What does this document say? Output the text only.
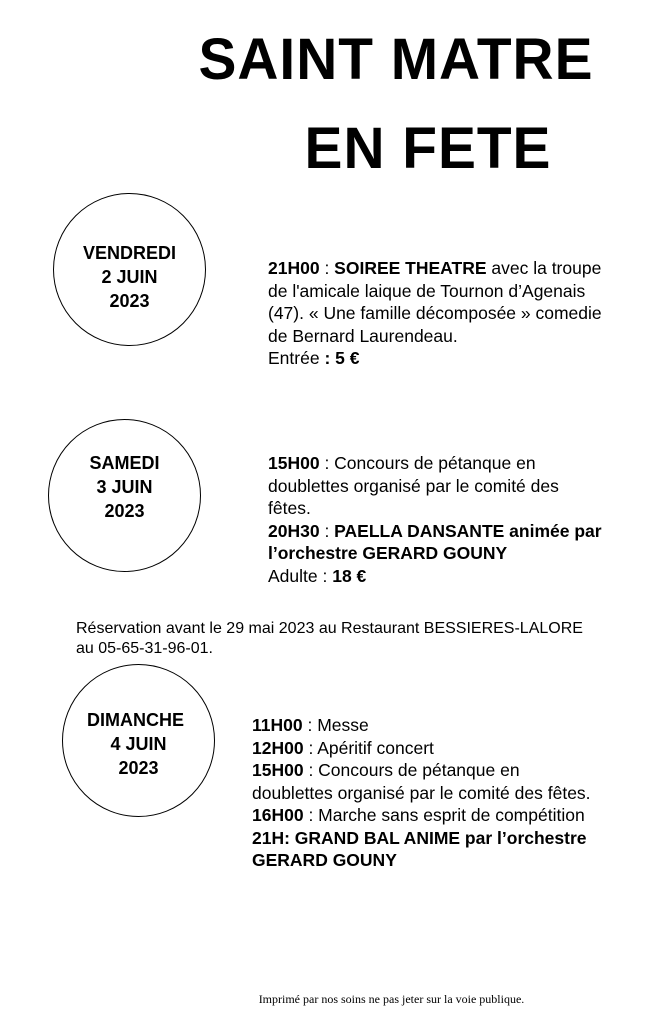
SAINT MATRE
EN FETE
VENDREDI
2 JUIN
2023

21H00 : SOIREE THEATRE avec la troupe

de l'amicale laique de Tournon d’Agenais

(47). « Une famille décomposée » comedie

de Bernard Laurendeau.

Entrée : 5 €

SAMEDI
3 JUIN
2023

15H00 : Concours de pétanque en

doublettes organisé par le comité des

fêtes.

20H30 : PAELLA DANSANTE animée par

l’orchestre GERARD GOUNY

Adulte : 18 €

Réservation avant le 29 mai 2023 au Restaurant BESSIERES-LALORE
au 05-65-31-96-01.
DIMANCHE
4 JUIN
2023

11H00 : Messe

12H00 : Apéritif concert

15H00 : Concours de pétanque en

doublettes organisé par le comité des fêtes.

16H00 : Marche sans esprit de compétition

21H: GRAND BAL ANIME par l’orchestre

GERARD GOUNY

Imprimé par nos soins ne pas jeter sur la voie publique.
